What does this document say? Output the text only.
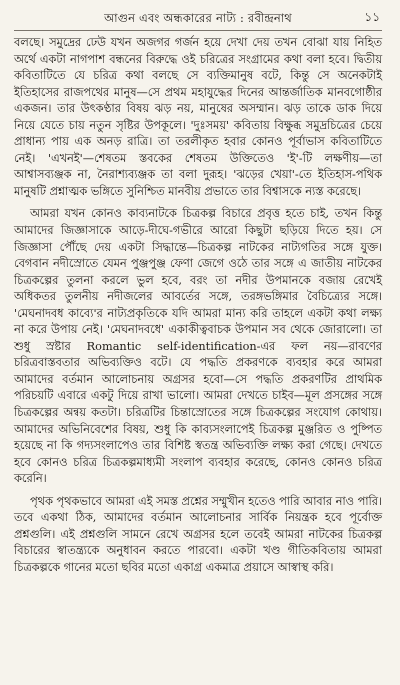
আগুন এবং অন্ধকারের নাট্য : রবীন্দ্রনাথ	১১

বলছে। সমুদ্রের ঢেউ যখন অজগর গর্জন হয়ে দেখা দেয় তখন বোঝা যায় নিহিত অর্থে একটা নাগপাশ বন্ধনের বিরুদ্ধে ওই চরিত্রের সংগ্রামের কথা বলা হবে। দ্বিতীয় কবিতাটিতে যে চরিত্র কথা বলছে সে ব্যক্তিমানুষ বটে, কিন্তু সে অনেকটাই ইতিহাসের রাজপথের মানুষ—সে প্রথম মহাযুদ্ধের দিনের আন্তর্জাতিক মানবগোষ্ঠীর একজন। তার উৎকণ্ঠার বিষয় ঝড় নয়, মানুষের অসম্মান। ঝড় তাকে ডাক দিয়ে নিয়ে যেতে চায় নতুন সৃষ্টির উপকূলে। 'দুঃসময়' কবিতায় বিক্ষুব্ধ সমুদ্রচিত্রের চেয়ে প্রাধান্য পায় এক অনড় রাত্রি। তা তরলীকৃত হবার কোনও পূর্বাভাস কবিতাটিতে নেই। 'এখনই'—শেষতম স্তবকের শেষতম উক্তিতেও 'ই'-টি লক্ষণীয়—তা আশ্বাসব্যঞ্জক না, নৈরাশ্যব্যঞ্জক তা বলা দুরূহ। 'ঝড়ের খেয়া'-তে ইতিহাস-পথিক মানুষটি প্রশ্নাত্মক ভঙ্গিতে সুনিশ্চিত মানবীয় প্রভাতে তার বিশ্বাসকে ন্যস্ত করেছে।

আমরা যখন কোনও কাব্যনাটকে চিত্রকল্প বিচারে প্রবৃত্ত হতে চাই, তখন কিন্তু আমাদের জিজ্ঞাসাকে আড়ে-দীঘে-গভীরে আরো কিছুটা ছড়িয়ে দিতে হয়। সে জিজ্ঞাসা পৌঁছে দেয় একটা সিদ্ধান্তে—চিত্রকল্প নাটকের নাট্যগতির সঙ্গে যুক্ত। বেগবান নদীস্রোতে যেমন পুঞ্জপুঞ্জ ফেণা জেগে ওঠে তার সঙ্গে এ জাতীয় নাটকের চিত্রকল্পের তুলনা করলে ভুল হবে, বরং তা নদীর উপমানকে বজায় রেখেই অধিকতর তুলনীয় নদীজলের আবর্তের সঙ্গে, তরঙ্গভঙ্গিমার বৈচিত্র্যের সঙ্গে। 'মেঘনাদবধ কাব্যে'র নাট্যপ্রকৃতিকে যদি আমরা মান্য করি তাহলে একটা কথা লক্ষ্য না করে উপায় নেই। 'মেঘনাদবধে' একাকীত্ববাচক উপমান সব থেকে জোরালো। তা শুধু স্রষ্টার Romantic self-identification-এর ফল নয়—রাবণের চরিত্রবাস্তবতার অভিব্যক্তিও বটে। যে পদ্ধতি প্রকরণকে ব্যবহার করে আমরা আমাদের বর্তমান আলোচনায় অগ্রসর হবো—সে পদ্ধতি প্রকরণটির প্রাথমিক পরিচয়টি এবারে একটু দিয়ে রাখা ভালো। আমরা দেখতে চাইব—মূল প্রসঙ্গের সঙ্গে চিত্রকল্পের অন্বয় কতটা। চরিত্রটির চিন্তাস্রোতের সঙ্গে চিত্রকল্পের সংযোগ কোথায়। আমাদের অভিনিবেশের বিষয়, শুধু কি কাব্যসংলাপেই চিত্রকল্প মুঞ্জরিত ও পুষ্পিত হয়েছে না কি গদ্যসংলাপেও তার বিশিষ্ট স্বতন্ত্র অভিব্যক্তি লক্ষ্য করা গেছে। দেখতে হবে কোনও চরিত্র চিত্রকল্পমাধ্যমী সংলাপ ব্যবহার করেছে, কোনও কোনও চরিত্র করেনি।

পৃথক পৃথকভাবে আমরা এই সমস্ত প্রশ্নের সম্মুখীন হতেও পারি আবার নাও পারি। তবে একথা ঠিক, আমাদের বর্তমান আলোচনার সার্বিক নিয়ন্ত্রক হবে পূর্বোক্ত প্রশ্নগুলি। এই প্রশ্নগুলি সামনে রেখে অগ্রসর হলে তবেই আমরা নাটকের চিত্রকল্প বিচারের স্বাতন্ত্র্যকে অনুধাবন করতে পারবো। একটা খণ্ড গীতিকবিতায় আমরা চিত্রকল্পকে গানের মতো ছবির মতো একাগ্র একমাত্র প্রয়াসে আস্বাস্থ করি।
